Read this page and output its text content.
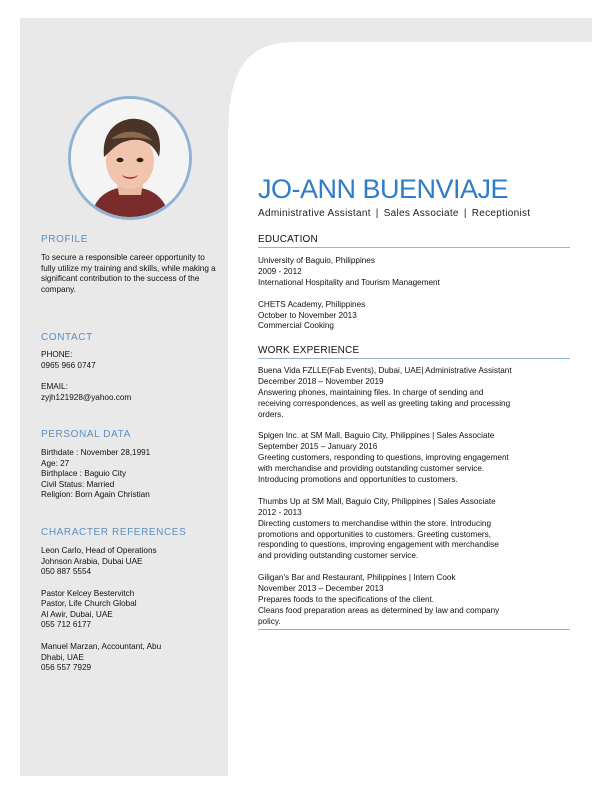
PROFILE

To secure a responsible career opportunity to fully utilize my training and skills, while making a significant contribution to the success of the company.

CONTACT
PHONE:
0965 966 0747
EMAIL:
zyjh121928@yahoo.com
PERSONAL DATA
Birthdate : November 28,1991
Age: 27
Birthplace : Baguio City
Civil Status: Married
Religion: Born Again Christian
CHARACTER REFERENCES
Leon Carlo, Head of Operations
Johnson Arabia, Dubai UAE
050 887 5554
Pastor Kelcey Bestervitch
Pastor, Life Church Global
Al Awir, Dubai, UAE
055 712 6177
Manuel Marzan, Accountant, Abu
Dhabi, UAE
056 557 7929
JO-ANN BUENVIAJE
Administrative Assistant | Sales Associate | Receptionist
EDUCATION
University of Baguio, Philippines
2009 - 2012
International Hospitality and Tourism Management
CHETS Academy, Philippines
October to November 2013
Commercial Cooking
WORK EXPERIENCE
Buena Vida FZLLE(Fab Events), Dubai, UAE| Administrative Assistant
December 2018 – November 2019
Answering phones, maintaining files. In charge of sending and
receiving correspondences, as well as greeting taking and processing
orders.
Spigen Inc. at SM Mall, Baguio City, Philippines | Sales Associate
September 2015 – January 2016
Greeting customers, responding to questions, improving engagement
with merchandise and providing outstanding customer service.
Introducing promotions and opportunities to customers.
Thumbs Up at SM Mall, Baguio City, Philippines | Sales Associate
2012 - 2013
Directing customers to merchandise within the store. Introducing
promotions and opportunities to customers. Greeting customers,
responding to questions, improving engagement with merchandise
and providing outstanding customer service.
Giligan's Bar and Restaurant, Philippines | Intern Cook
November 2013 – December 2013
Prepares foods to the specifications of the client.
Cleans food preparation areas as determined by law and company
policy.
